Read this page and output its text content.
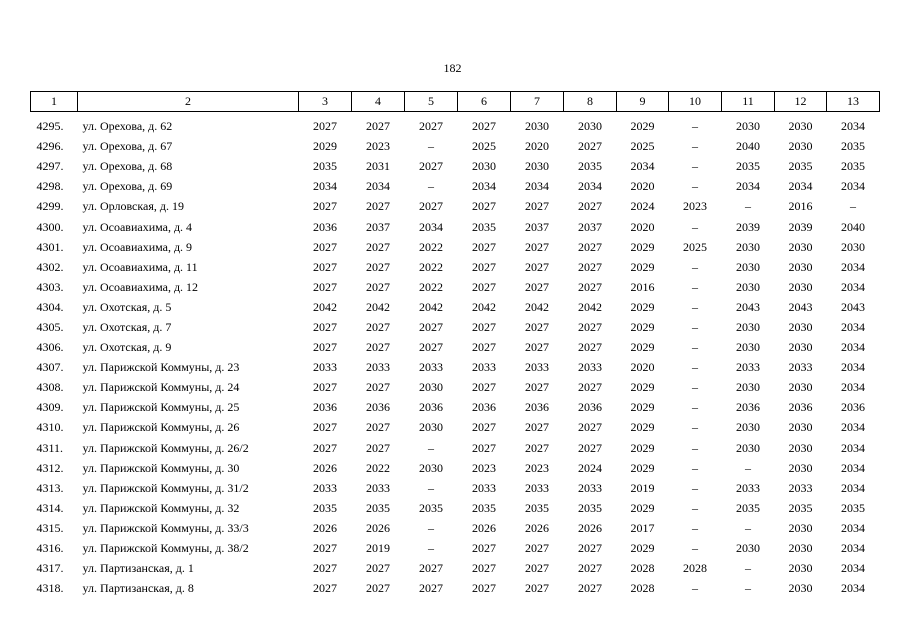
182
1	2	3	4	5	6	7	8	9	10	11	12	13
4295.	ул. Орехова, д. 62	2027	2027	2027	2027	2030	2030	2029	–	2030	2030	2034
4296.	ул. Орехова, д. 67	2029	2023	–	2025	2020	2027	2025	–	2040	2030	2035
4297.	ул. Орехова, д. 68	2035	2031	2027	2030	2030	2035	2034	–	2035	2035	2035
4298.	ул. Орехова, д. 69	2034	2034	–	2034	2034	2034	2020	–	2034	2034	2034
4299.	ул. Орловская, д. 19	2027	2027	2027	2027	2027	2027	2024	2023	–	2016	–
4300.	ул. Осоавиахима, д. 4	2036	2037	2034	2035	2037	2037	2020	–	2039	2039	2040
4301.	ул. Осоавиахима, д. 9	2027	2027	2022	2027	2027	2027	2029	2025	2030	2030	2030
4302.	ул. Осоавиахима, д. 11	2027	2027	2022	2027	2027	2027	2029	–	2030	2030	2034
4303.	ул. Осоавиахима, д. 12	2027	2027	2022	2027	2027	2027	2016	–	2030	2030	2034
4304.	ул. Охотская, д. 5	2042	2042	2042	2042	2042	2042	2029	–	2043	2043	2043
4305.	ул. Охотская, д. 7	2027	2027	2027	2027	2027	2027	2029	–	2030	2030	2034
4306.	ул. Охотская, д. 9	2027	2027	2027	2027	2027	2027	2029	–	2030	2030	2034
4307.	ул. Парижской Коммуны, д. 23	2033	2033	2033	2033	2033	2033	2020	–	2033	2033	2034
4308.	ул. Парижской Коммуны, д. 24	2027	2027	2030	2027	2027	2027	2029	–	2030	2030	2034
4309.	ул. Парижской Коммуны, д. 25	2036	2036	2036	2036	2036	2036	2029	–	2036	2036	2036
4310.	ул. Парижской Коммуны, д. 26	2027	2027	2030	2027	2027	2027	2029	–	2030	2030	2034
4311.	ул. Парижской Коммуны, д. 26/2	2027	2027	–	2027	2027	2027	2029	–	2030	2030	2034
4312.	ул. Парижской Коммуны, д. 30	2026	2022	2030	2023	2023	2024	2029	–	–	2030	2034
4313.	ул. Парижской Коммуны, д. 31/2	2033	2033	–	2033	2033	2033	2019	–	2033	2033	2034
4314.	ул. Парижской Коммуны, д. 32	2035	2035	2035	2035	2035	2035	2029	–	2035	2035	2035
4315.	ул. Парижской Коммуны, д. 33/3	2026	2026	–	2026	2026	2026	2017	–	–	2030	2034
4316.	ул. Парижской Коммуны, д. 38/2	2027	2019	–	2027	2027	2027	2029	–	2030	2030	2034
4317.	ул. Партизанская, д. 1	2027	2027	2027	2027	2027	2027	2028	2028	–	2030	2034
4318.	ул. Партизанская, д. 8	2027	2027	2027	2027	2027	2027	2028	–	–	2030	2034
